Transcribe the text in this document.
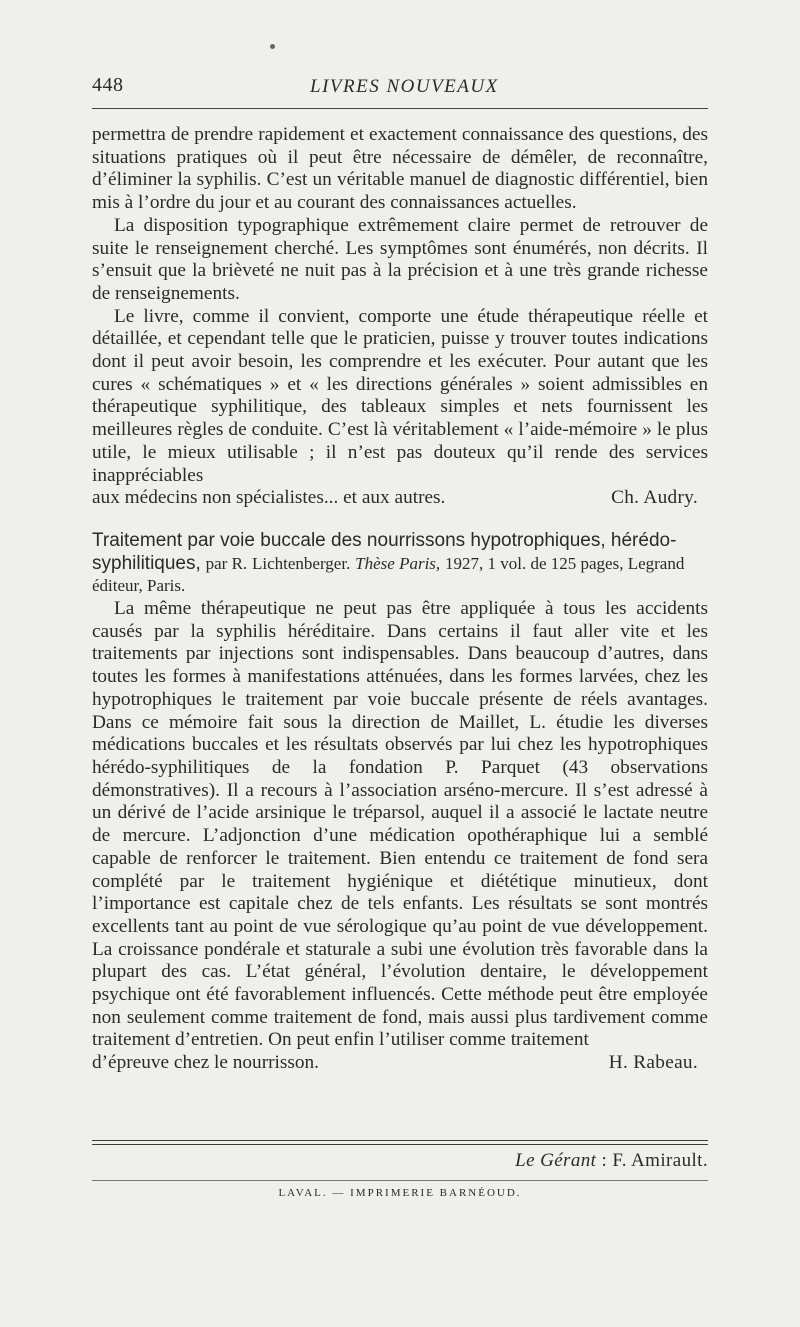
448	LIVRES NOUVEAUX

permettra de prendre rapidement et exactement connaissance des questions, des situations pratiques où il peut être nécessaire de démêler, de reconnaître, d’éliminer la syphilis. C’est un véritable manuel de diagnostic différentiel, bien mis à l’ordre du jour et au courant des connaissances actuelles.

La disposition typographique extrêmement claire permet de retrouver de suite le renseignement cherché. Les symptômes sont énumérés, non décrits. Il s’ensuit que la brièveté ne nuit pas à la précision et à une très grande richesse de renseignements.

Le livre, comme il convient, comporte une étude thérapeutique réelle et détaillée, et cependant telle que le praticien, puisse y trouver toutes indications dont il peut avoir besoin, les comprendre et les exécuter. Pour autant que les cures « schématiques » et « les directions générales » soient admissibles en thérapeutique syphilitique, des tableaux simples et nets fournissent les meilleures règles de conduite. C’est là véritablement « l’aide-mémoire » le plus utile, le mieux utilisable ; il n’est pas douteux qu’il rende des services inappréciables

aux médecins non spécialistes... et aux autres.	Ch. Audry.

Traitement par voie buccale des nourrissons hypotrophiques, hérédo-syphilitiques, par R. Lichtenberger. Thèse Paris, 1927, 1 vol. de 125 pages, Legrand éditeur, Paris.

La même thérapeutique ne peut pas être appliquée à tous les accidents causés par la syphilis héréditaire. Dans certains il faut aller vite et les traitements par injections sont indispensables. Dans beaucoup d’autres, dans toutes les formes à manifestations atténuées, dans les formes larvées, chez les hypotrophiques le traitement par voie buccale présente de réels avantages. Dans ce mémoire fait sous la direction de Maillet, L. étudie les diverses médications buccales et les résultats observés par lui chez les hypotrophiques hérédo-syphilitiques de la fondation P. Parquet (43 observations démonstratives). Il a recours à l’association arséno-mercure. Il s’est adressé à un dérivé de l’acide arsinique le tréparsol, auquel il a associé le lactate neutre de mercure. L’adjonction d’une médication opothéraphique lui a semblé capable de renforcer le traitement. Bien entendu ce traitement de fond sera complété par le traitement hygiénique et diététique minutieux, dont l’importance est capitale chez de tels enfants. Les résultats se sont montrés excellents tant au point de vue sérologique qu’au point de vue développement. La croissance pondérale et staturale a subi une évolution très favorable dans la plupart des cas. L’état général, l’évolution dentaire, le développement psychique ont été favorablement influencés. Cette méthode peut être employée non seulement comme traitement de fond, mais aussi plus tardivement comme traitement d’entretien. On peut enfin l’utiliser comme traitement

d’épreuve chez le nourrisson.	H. Rabeau.
Le Gérant : F. Amirault.
LAVAL. — IMPRIMERIE BARNÉOUD.
